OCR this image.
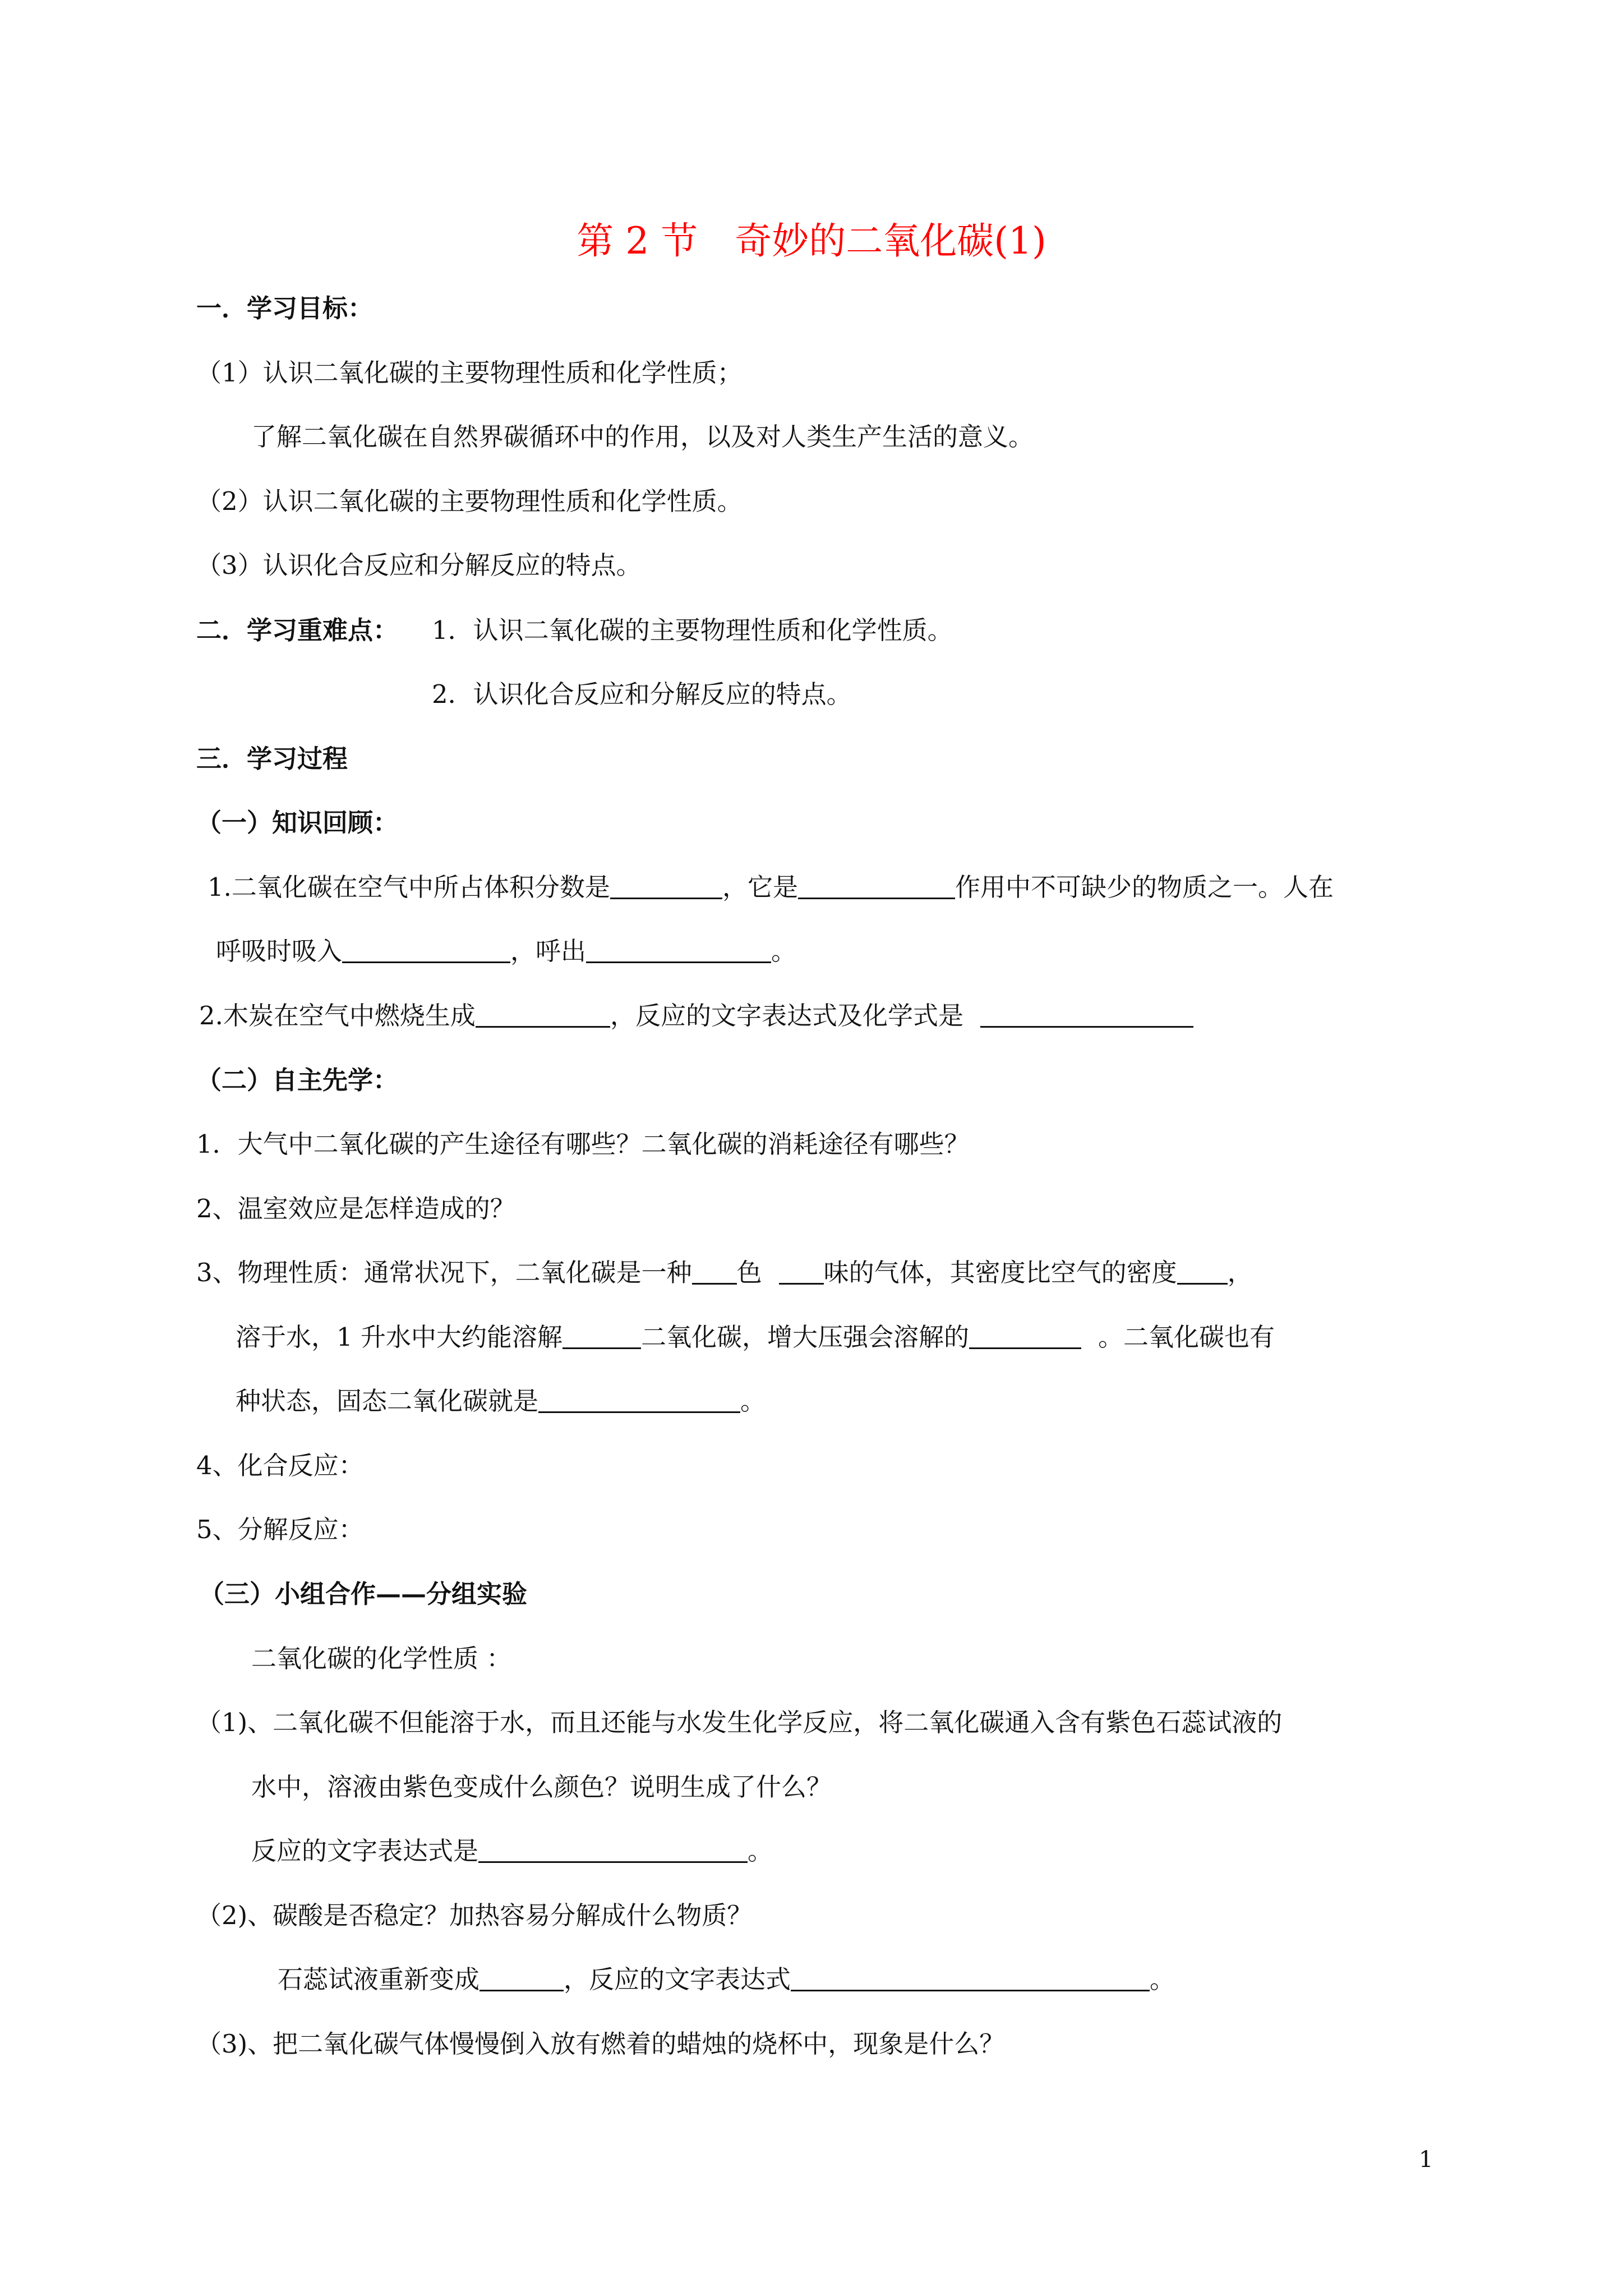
第 2 节　奇妙的二氧化碳(1)
一．学习目标：
（1）认识二氧化碳的主要物理性质和化学性质；
了解二氧化碳在自然界碳循环中的作用，以及对人类生产生活的意义。
（2）认识二氧化碳的主要物理性质和化学性质。
（3）认识化合反应和分解反应的特点。
二．学习重难点： 1．认识二氧化碳的主要物理性质和化学性质。
2．认识化合反应和分解反应的特点。
三．学习过程
（一）知识回顾：
1.二氧化碳在空气中所占体积分数是	，它是	作用中不可缺少的物质之一。人在
呼吸时吸入	，呼出	。
2.木炭在空气中燃烧生成	，反应的文字表达式及化学式是
（二）自主先学：
1．大气中二氧化碳的产生途径有哪些？二氧化碳的消耗途径有哪些？
2、温室效应是怎样造成的？
3、物理性质：通常状况下，二氧化碳是一种 色 味的气体，其密度比空气的密度 ，
溶于水，1 升水中大约能溶解	二氧化碳，增大压强会溶解的	。二氧化碳也有
种状态，固态二氧化碳就是	。
4、化合反应：
5、分解反应：
（三）小组合作——分组实验
二氧化碳的化学性质 ：
（1)、二氧化碳不但能溶于水，而且还能与水发生化学反应，将二氧化碳通入含有紫色石蕊试液的
水中，溶液由紫色变成什么颜色？说明生成了什么？
反应的文字表达式是	。
（2)、碳酸是否稳定？加热容易分解成什么物质？
石蕊试液重新变成	，反应的文字表达式	。
（3)、把二氧化碳气体慢慢倒入放有燃着的蜡烛的烧杯中，现象是什么？
1
